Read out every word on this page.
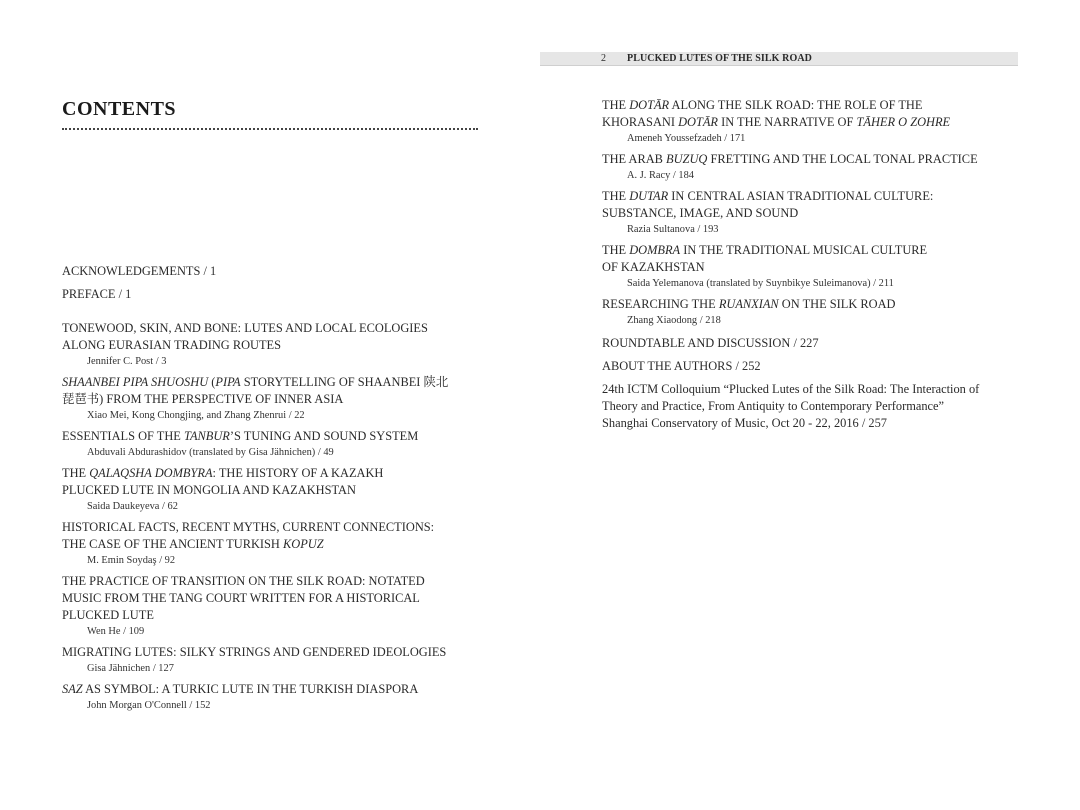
CONTENTS
ACKNOWLEDGEMENTS / 1
PREFACE / 1
TONEWOOD, SKIN, AND BONE: LUTES AND LOCAL ECOLOGIES
ALONG EURASIAN TRADING ROUTES
Jennifer C. Post / 3
SHAANBEI PIPA SHUOSHU (PIPA STORYTELLING OF SHAANBEI 陕北
琵琶书) FROM THE PERSPECTIVE OF INNER ASIA
Xiao Mei, Kong Chongjing, and Zhang Zhenrui / 22
ESSENTIALS OF THE TANBUR’S TUNING AND SOUND SYSTEM
Abduvali Abdurashidov (translated by Gisa Jähnichen) / 49
THE QALAQSHA DOMBYRA: THE HISTORY OF A KAZAKH
PLUCKED LUTE IN MONGOLIA AND KAZAKHSTAN
Saida Daukeyeva / 62
HISTORICAL FACTS, RECENT MYTHS, CURRENT CONNECTIONS:
THE CASE OF THE ANCIENT TURKISH KOPUZ
M. Emin Soydaş / 92
THE PRACTICE OF TRANSITION ON THE SILK ROAD: NOTATED
MUSIC FROM THE TANG COURT WRITTEN FOR A HISTORICAL
PLUCKED LUTE
Wen He / 109
MIGRATING LUTES: SILKY STRINGS AND GENDERED IDEOLOGIES
Gisa Jähnichen / 127
SAZ AS SYMBOL: A TURKIC LUTE IN THE TURKISH DIASPORA
John Morgan O'Connell / 152
2 PLUCKED LUTES OF THE SILK ROAD
THE DOTĀR ALONG THE SILK ROAD: THE ROLE OF THE
KHORASANI DOTĀR IN THE NARRATIVE OF TĀHER O ZOHRE
Ameneh Youssefzadeh / 171
THE ARAB BUZUQ FRETTING AND THE LOCAL TONAL PRACTICE
A. J. Racy / 184
THE DUTAR IN CENTRAL ASIAN TRADITIONAL CULTURE:
SUBSTANCE, IMAGE, AND SOUND
Razia Sultanova / 193
THE DOMBRA IN THE TRADITIONAL MUSICAL CULTURE
OF KAZAKHSTAN
Saida Yelemanova (translated by Suynbikye Suleimanova) / 211
RESEARCHING THE RUANXIAN ON THE SILK ROAD
Zhang Xiaodong / 218
ROUNDTABLE AND DISCUSSION / 227
ABOUT THE AUTHORS / 252
24th ICTM Colloquium “Plucked Lutes of the Silk Road: The Interaction of
Theory and Practice, From Antiquity to Contemporary Performance”
Shanghai Conservatory of Music, Oct 20 - 22, 2016 / 257
